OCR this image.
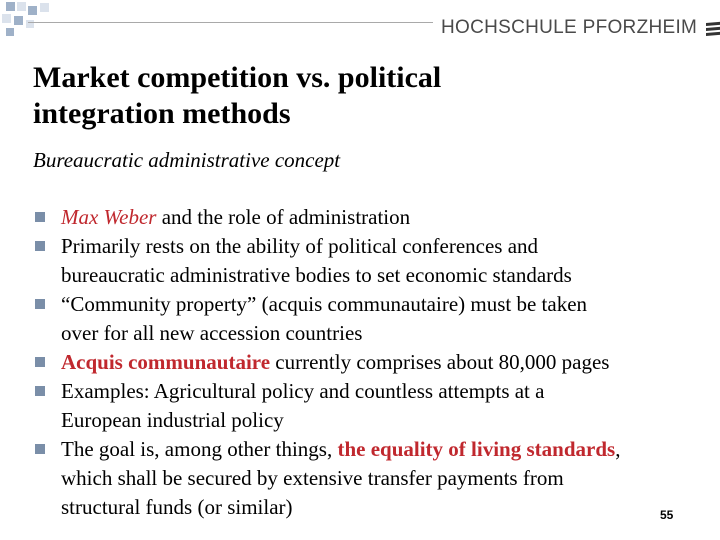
HOCHSCHULE PFORZHEIM
Market competition vs. political
integration methods

Bureaucratic administrative concept

Max Weber and the role of administration
Primarily rests on the ability of political conferences and
bureaucratic administrative bodies to set economic standards
“Community property” (acquis communautaire) must be taken
over for all new accession countries
Acquis communautaire currently comprises about 80,000 pages
Examples: Agricultural policy and countless attempts at a
European industrial policy
The goal is, among other things, the equality of living standards,
which shall be secured by extensive transfer payments from
structural funds (or similar)	55
